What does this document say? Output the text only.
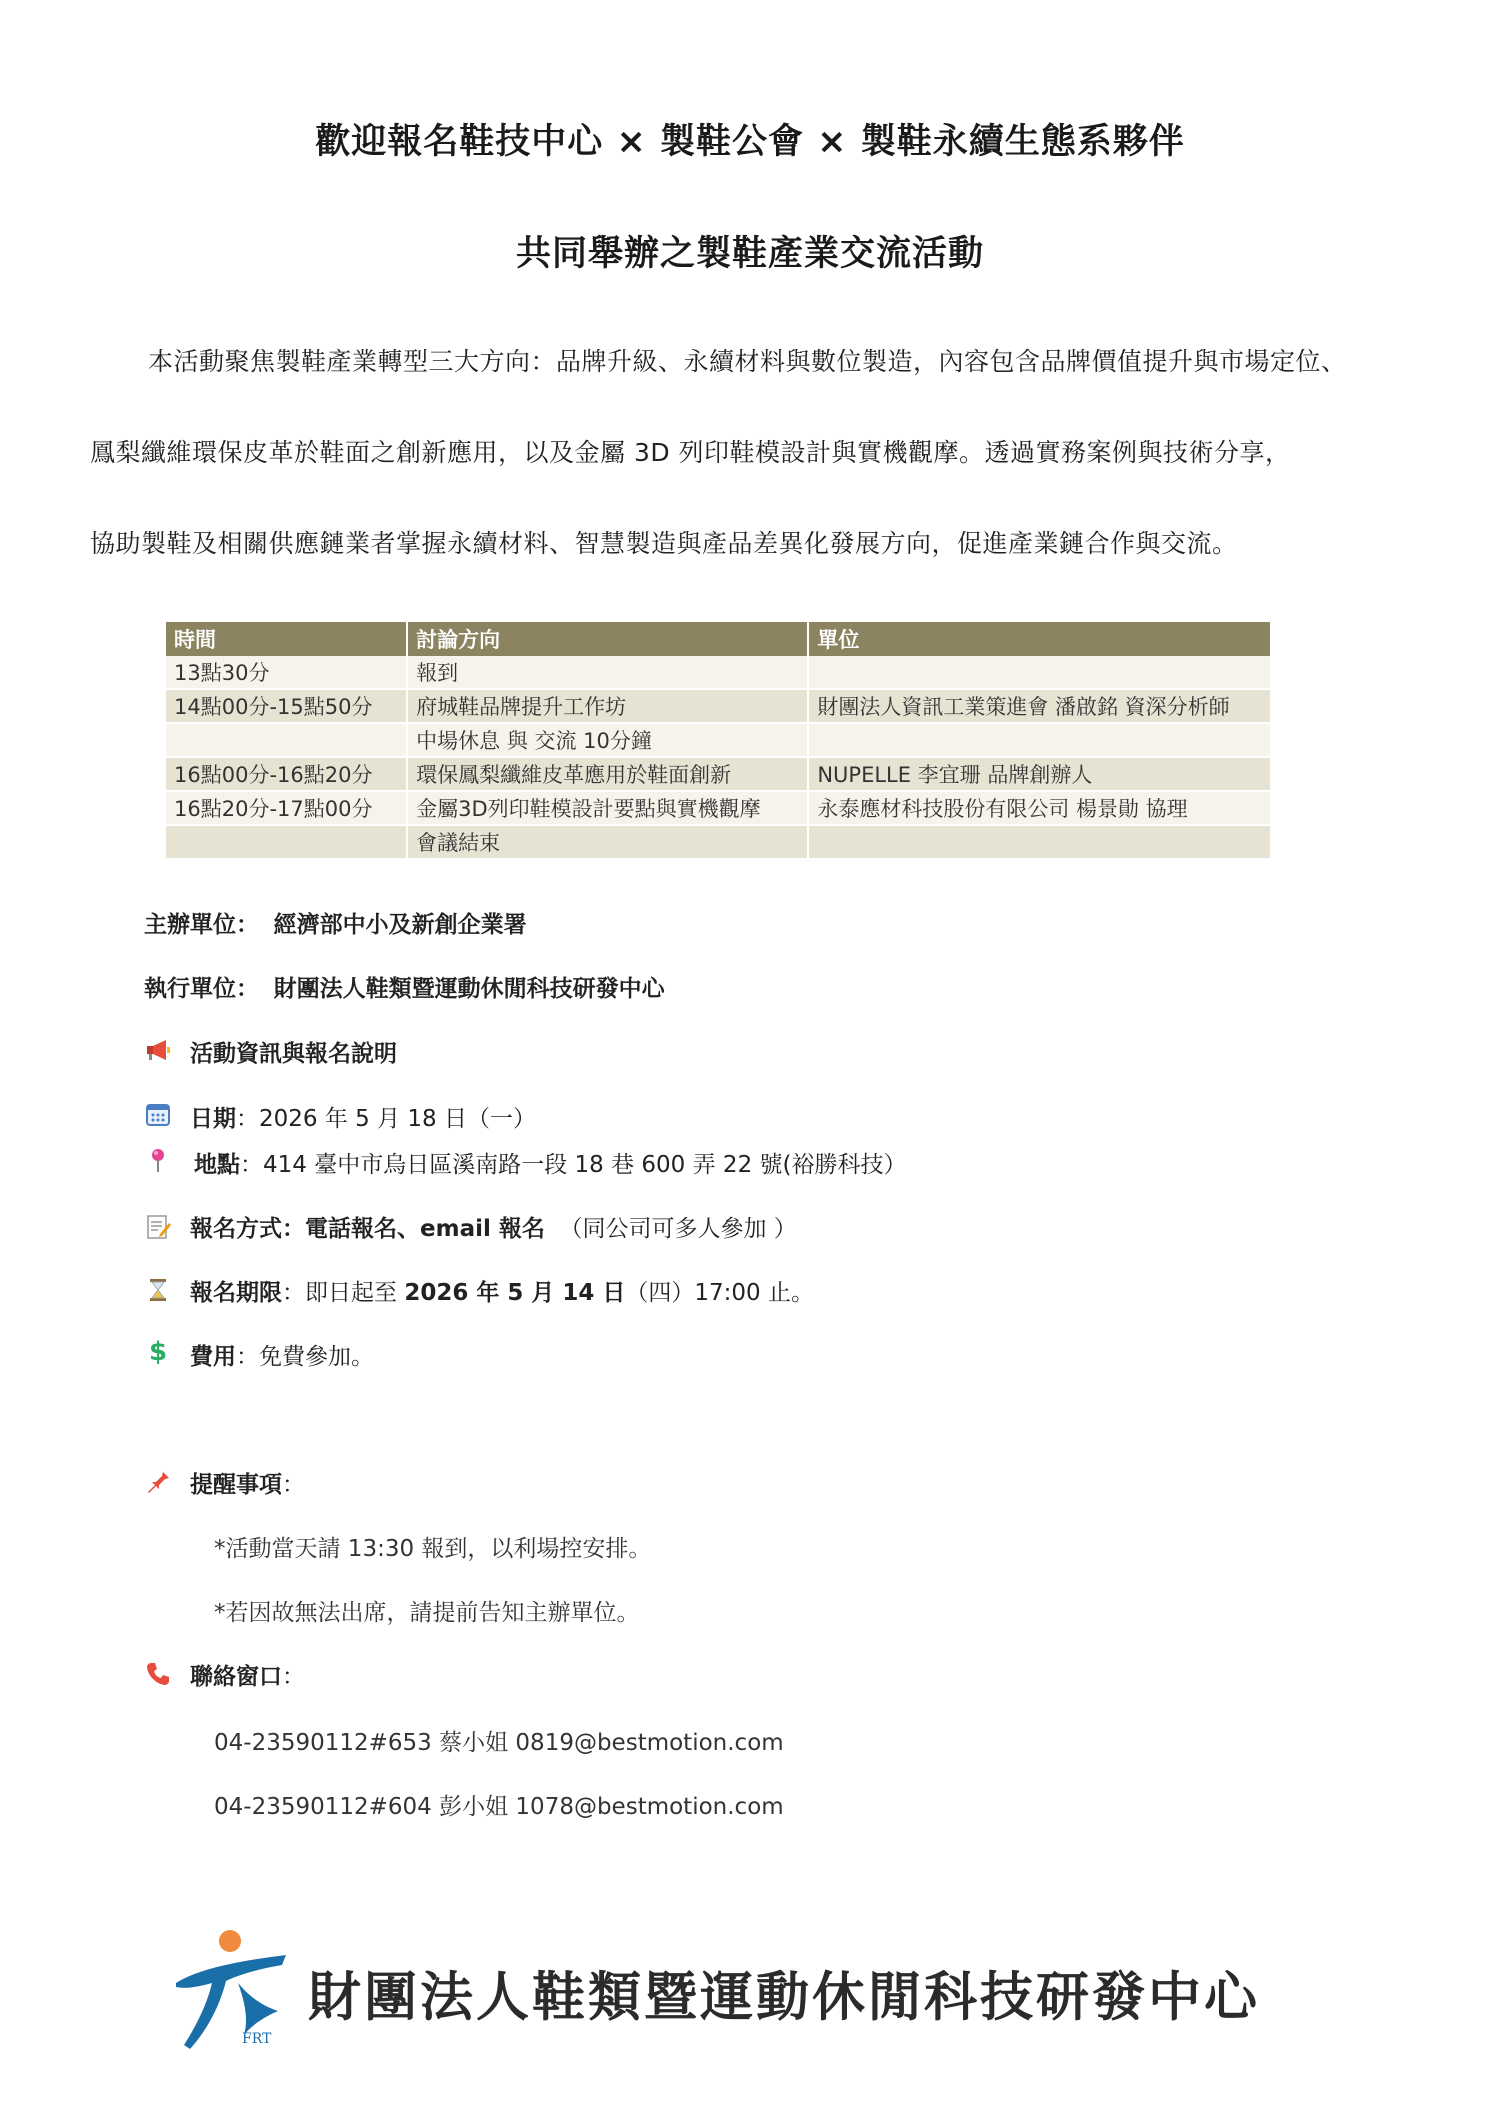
歡迎報名鞋技中心 × 製鞋公會 × 製鞋永續生態系夥伴
共同舉辦之製鞋產業交流活動
本活動聚焦製鞋產業轉型三大方向：品牌升級、永續材料與數位製造，內容包含品牌價值提升與市場定位、
鳳梨纖維環保皮革於鞋面之創新應用，以及金屬 3D 列印鞋模設計與實機觀摩。透過實務案例與技術分享，
協助製鞋及相關供應鏈業者掌握永續材料、智慧製造與產品差異化發展方向，促進產業鏈合作與交流。
時間	討論方向	單位
13點30分	報到	
14點00分-15點50分	府城鞋品牌提升工作坊	財團法人資訊工業策進會 潘啟銘 資深分析師
	中場休息 與 交流 10分鐘	
16點00分-16點20分	環保鳳梨纖維皮革應用於鞋面創新	NUPELLE 李宜珊 品牌創辦人
16點20分-17點00分	金屬3D列印鞋模設計要點與實機觀摩	永泰應材科技股份有限公司 楊景勛 協理
	會議結束	
主辦單位： 經濟部中小及新創企業署
執行單位： 財團法人鞋類暨運動休閒科技研發中心
活動資訊與報名說明
日期：2026 年 5 月 18 日（一）
地點：414 臺中市烏日區溪南路一段 18 巷 600 弄 22 號(裕勝科技）
報名方式：電話報名、email 報名 （同公司可多人參加 ）
報名期限：即日起至 2026 年 5 月 14 日（四）17:00 止。
$ 費用：免費參加。
提醒事項：
*活動當天請 13:30 報到，以利場控安排。
*若因故無法出席，請提前告知主辦單位。
聯絡窗口：
04-23590112#653 蔡小姐 0819@bestmotion.com
04-23590112#604 彭小姐 1078@bestmotion.com
FRT
財團法人鞋類暨運動休閒科技研發中心
